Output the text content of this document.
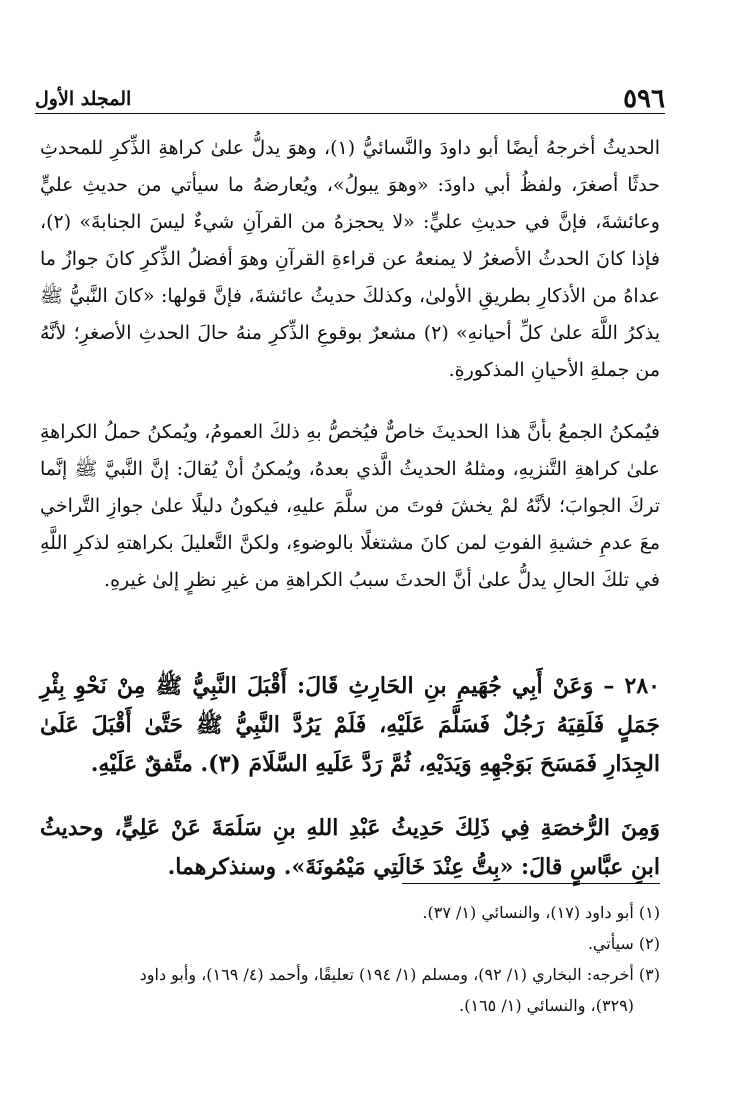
٥٩٦
المجلد الأول

الحديثُ أخرجهُ أيضًا أبو داودَ والنَّسائيُّ (١)، وهوَ يدلُّ علىٰ كراهةِ الذِّكرِ للمحدثِ حدثًا أصغرَ، ولفظُ أبي داودَ: «وهوَ يبولُ»، ويُعارضهُ ما سيأتي من حديثِ عليٍّ وعائشةَ، فإنَّ في حديثِ عليٍّ: «لا يحجزهُ من القرآنِ شيءٌ ليسَ الجنابةَ» (٢)، فإذا كانَ الحدثُ الأصغرُ لا يمنعهُ عن قراءةِ القرآنِ وهوَ أفضلُ الذِّكرِ كانَ جوازُ ما عداهُ من الأذكارِ بطريقِ الأولىٰ، وكذلكَ حديثُ عائشةَ، فإنَّ قولها: «كانَ النَّبيُّ ﷺ يذكرُ اللَّهَ علىٰ كلِّ أحيانهِ» (٢) مشعرٌ بوقوعِ الذِّكرِ منهُ حالَ الحدثِ الأصغرِ؛ لأنَّهُ من جملةِ الأحيانِ المذكورةِ.

فيُمكنُ الجمعُ بأنَّ هذا الحديثَ خاصٌّ فيُخصُّ بهِ ذلكَ العمومُ، ويُمكنُ حملُ الكراهةِ علىٰ كراهةِ التَّنزيهِ، ومثلهُ الحديثُ الَّذي بعدهُ، ويُمكنُ أنْ يُقالَ: إنَّ النَّبيَّ ﷺ إنَّما تركَ الجوابَ؛ لأنَّهُ لمْ يخشَ فوتَ من سلَّمَ عليهِ، فيكونُ دليلًا علىٰ جوازِ التَّراخي معَ عدمِ خشيةِ الفوتِ لمن كانَ مشتغلًا بالوضوءِ، ولكنَّ التَّعليلَ بكراهتهِ لذكرِ اللَّهِ في تلكَ الحالِ يدلُّ علىٰ أنَّ الحدثَ سببُ الكراهةِ من غيرِ نظرٍ إلىٰ غيرهِ.

٢٨٠ – وَعَنْ أَبِي جُهَيمِ بنِ الحَارِثِ قَالَ: أَقْبَلَ النَّبِيُّ ﷺ مِنْ نَحْوِ بِئْرِ جَمَلٍ فَلَقِيَهُ رَجُلٌ فَسَلَّمَ عَلَيْهِ، فَلَمْ يَرُدَّ النَّبِيُّ ﷺ حَتَّىٰ أَقْبَلَ عَلَىٰ الجِدَارِ فَمَسَحَ بَوَجْهِهِ وَيَدَيْهِ، ثُمَّ رَدَّ عَلَيهِ السَّلَامَ (٣). متَّفقٌ عَلَيْهِ.

وَمِنَ الرُّخصَةِ فِي ذَلِكَ حَدِيثُ عَبْدِ اللهِ بنِ سَلَمَةَ عَنْ عَلِيٍّ، وحديثُ ابنِ عبَّاسٍ قالَ: «بِتُّ عِنْدَ خَالَتِي مَيْمُونَةَ». وسنذكرهما.

(١) أبو داود (١٧)، والنسائي (١/ ٣٧).

(٢) سيأتي.

(٣) أخرجه: البخاري (١/ ٩٢)، ومسلم (١/ ١٩٤) تعليقًا، وأحمد (٤/ ١٦٩)، وأبو داود

(٣٢٩)، والنسائي (١/ ١٦٥).
